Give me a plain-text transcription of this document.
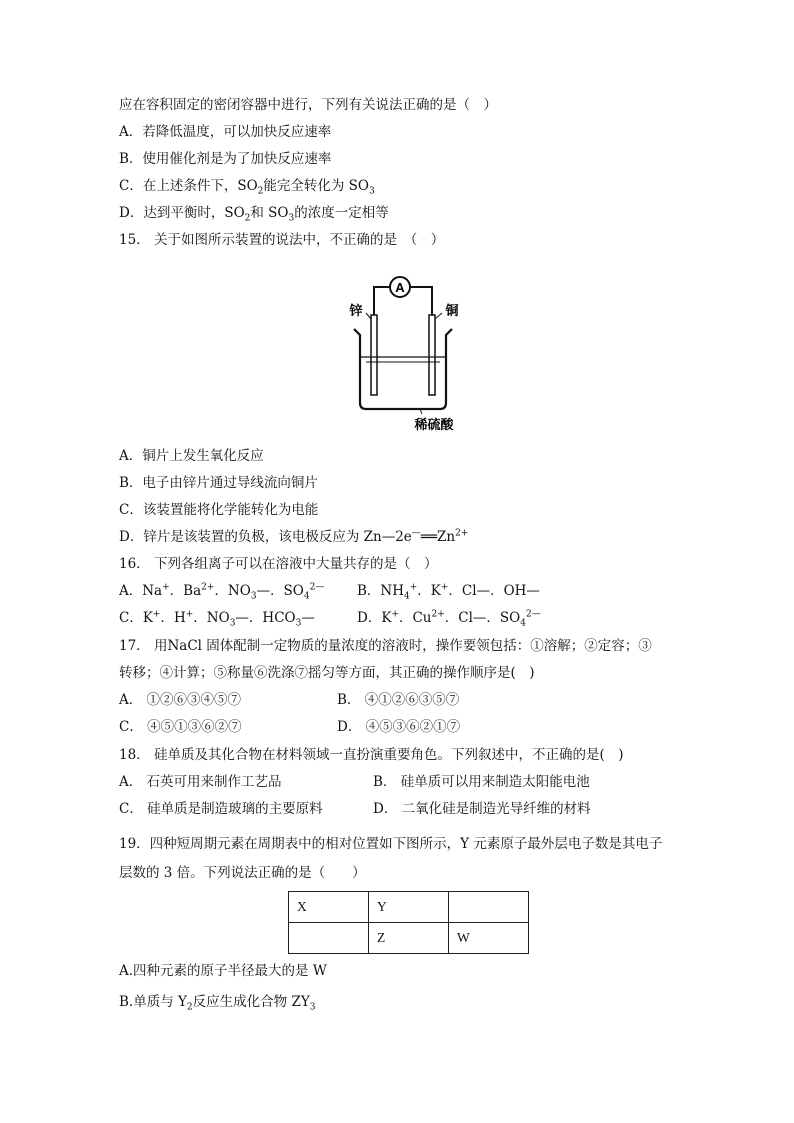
应在容积固定的密闭容器中进行，下列有关说法正确的是（　）
A．若降低温度，可以加快反应速率
B．使用催化剂是为了加快反应速率
C．在上述条件下，$SO_2$能完全转化为 $SO_3$
D．达到平衡时，$SO_2$和 $SO_3$的浓度一定相等
15． 关于如图所示装置的说法中，不正确的是　（　）
A
锌	铜
稀硫酸
A．铜片上发生氧化反应
B．电子由锌片通过导线流向铜片
C．该装置能将化学能转化为电能
D．锌片是该装置的负极，该电极反应为 $Zn—2e^—══Zn^{2+}$
16． 下列各组离子可以在溶液中大量共存的是（　）
A．Na+．$Ba^{2+}$．$NO_3—$．$SO_4^{2—}$ B．$NH_4^+$．K+．Cl—．OH—
C．K+．H+．$NO_3—$．$HCO_3—$	D．K+．$Cu^{2+}$．Cl—．$SO_4^{2—}$
17． 用NaCl 固体配制一定物质的量浓度的溶液时，操作要领包括：①溶解；②定容；③
转移；④计算；⑤称量⑥洗涤⑦摇匀等方面，其正确的操作顺序是(　)
A． ①②⑥③④⑤⑦	B． ④①②⑥③⑤⑦
C． ④⑤①③⑥②⑦	D． ④⑤③⑥②①⑦
18． 硅单质及其化合物在材料领域一直扮演重要角色。下列叙述中，不正确的是(　)
A． 石英可用来制作工艺品	B． 硅单质可以用来制造太阳能电池
C． 硅单质是制造玻璃的主要原料	D． 二氧化硅是制造光导纤维的材料
19．四种短周期元素在周期表中的相对位置如下图所示，Y 元素原子最外层电子数是其电子
层数的 3 倍。下列说法正确的是（　　）
X	Y	
	Z	W
A.四种元素的原子半径最大的是 W
B.单质与 $Y_2$反应生成化合物 $ZY_3$
